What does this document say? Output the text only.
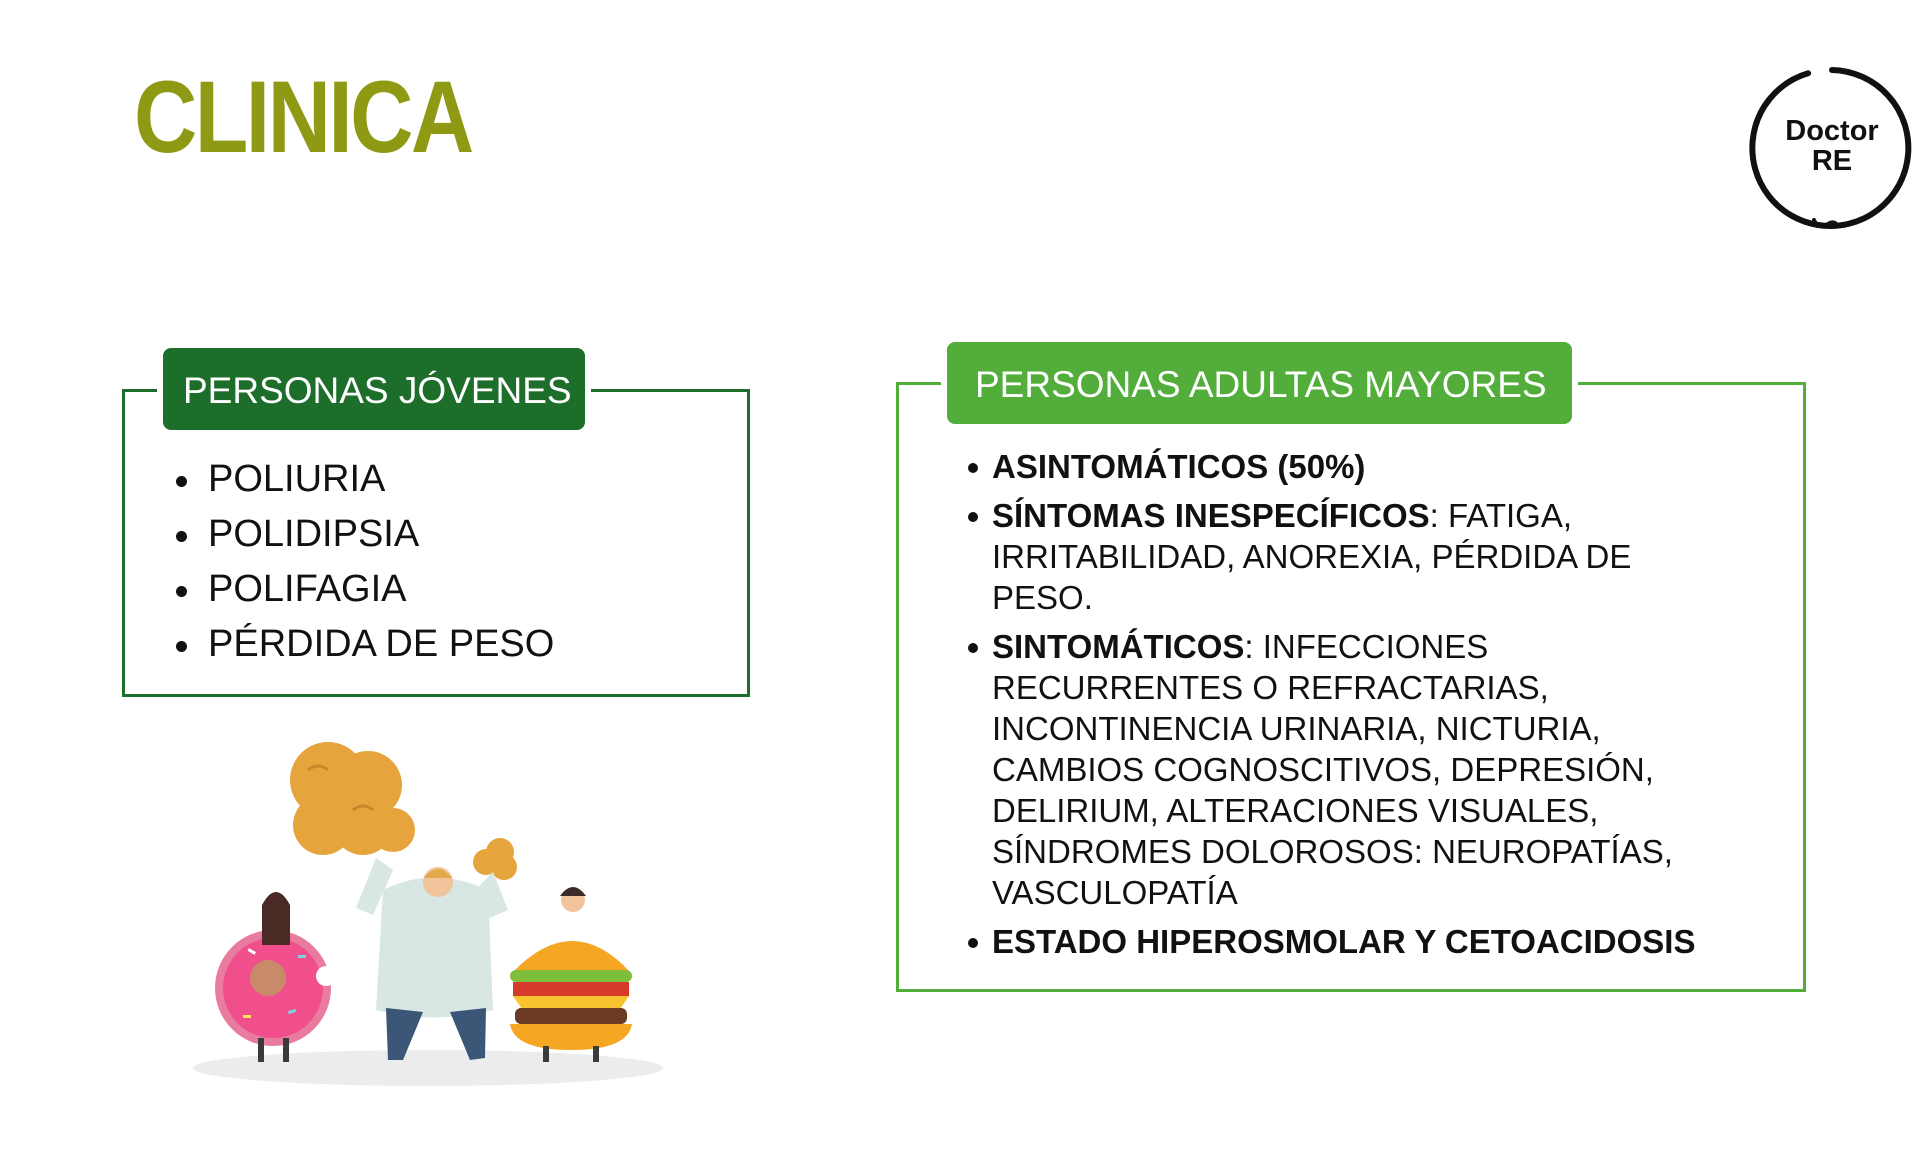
CLINICA	Doctor
RE
PERSONAS JÓVENES
POLIURIA
POLIDIPSIA
POLIFAGIA
PÉRDIDA DE PESO
PERSONAS ADULTAS MAYORES
ASINTOMÁTICOS (50%)
SÍNTOMAS INESPECÍFICOS: FATIGA, IRRITABILIDAD, ANOREXIA, PÉRDIDA DE PESO.
SINTOMÁTICOS: INFECCIONES RECURRENTES O REFRACTARIAS, INCONTINENCIA URINARIA, NICTURIA, CAMBIOS COGNOSCITIVOS, DEPRESIÓN, DELIRIUM, ALTERACIONES VISUALES, SÍNDROMES DOLOROSOS: NEUROPATÍAS, VASCULOPATÍA
ESTADO HIPEROSMOLAR Y CETOACIDOSIS
